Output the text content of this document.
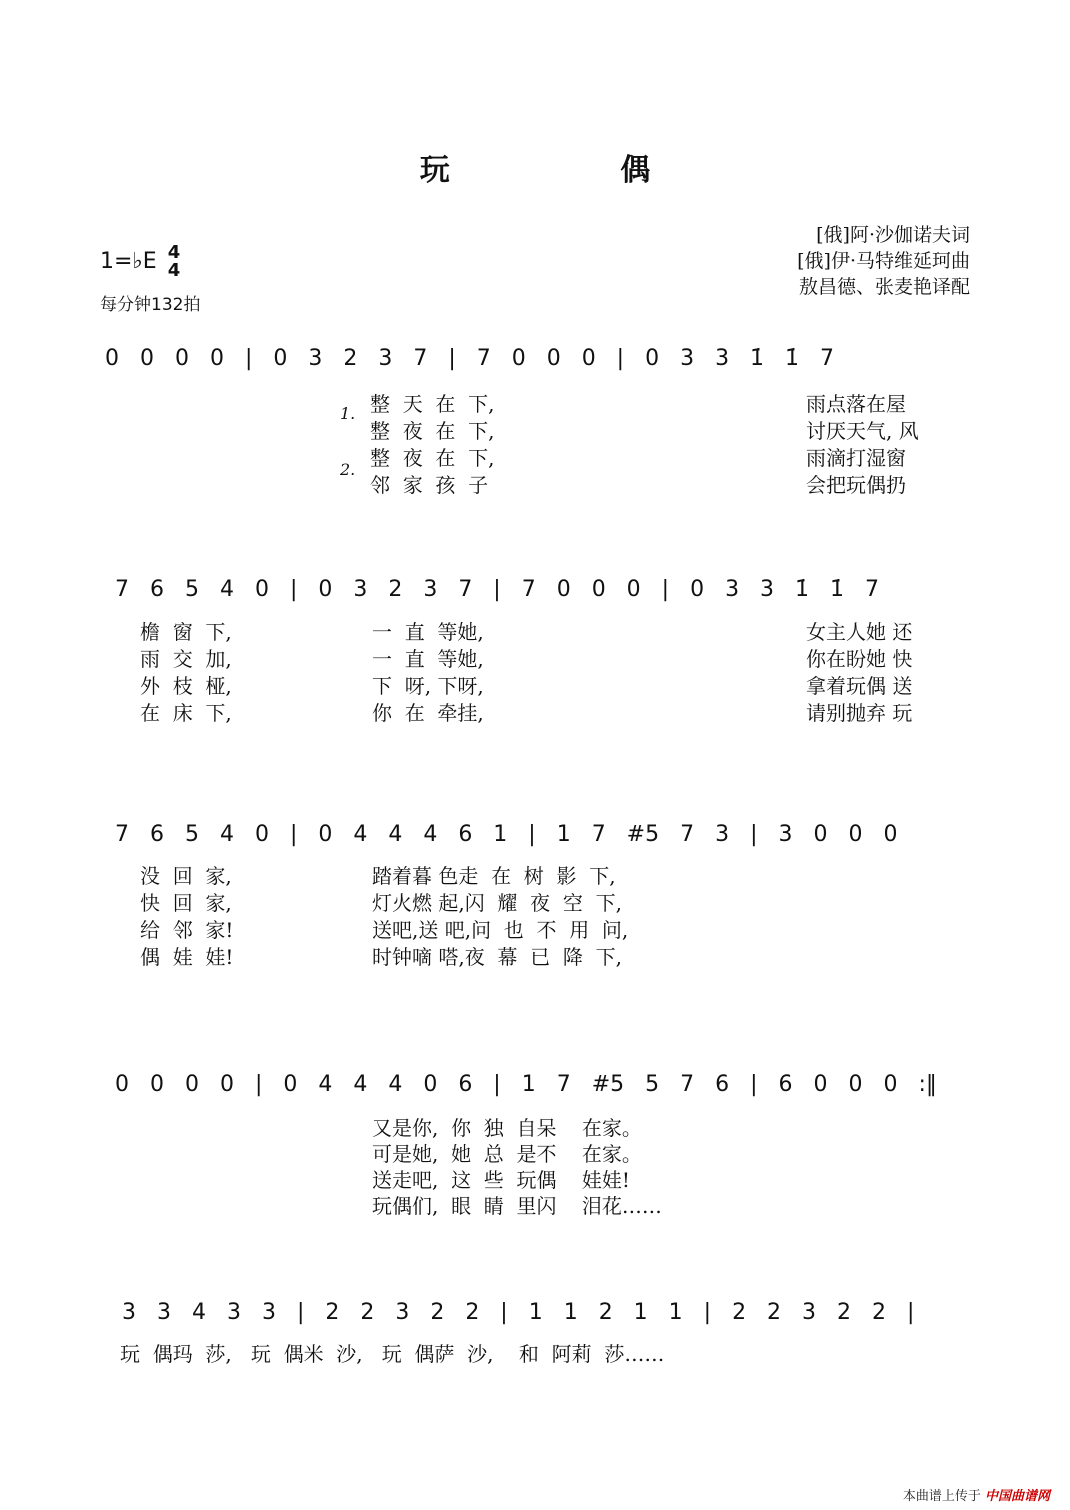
玩 偶
[俄]阿·沙伽诺夫词
[俄]伊·马特维延珂曲
敖昌德、张麦艳译配
1=♭E 4
4
每分钟132拍
0 0 0 0 | 0 3 2 3 7 | 7 0 0 0 | 0 3 3 1̇ 1̇ 7
1.
2.
整  天  在  下,
整  夜  在  下,
整  夜  在  下,
邻  家  孩  子
雨点落在屋
讨厌天气, 风
雨滴打湿窗
会把玩偶扔
7 6 5 4 0 | 0 3 2 3 7 | 7 0 0 0 | 0 3 3 1̇ 1̇ 7
檐  窗  下,
雨  交  加,
外  枝  桠,
在  床  下,
一  直  等她,
一  直  等她,
下  呀, 下呀,
你  在  牵挂,
女主人她 还
你在盼她 快
拿着玩偶 送
请别抛弃 玩
7 6 5 4 0 | 0 4 4 4 6 1 | 1 7 #5 7 3 | 3 0 0 0
没  回  家,
快  回  家,
给  邻  家!
偶  娃  娃!
踏着暮 色走  在  树  影  下,
灯火燃 起,闪  耀  夜  空  下,
送吧,送 吧,问  也  不  用  问,
时钟嘀 嗒,夜  幕  已  降  下,
0 0 0 0 | 0 4 4 4 0 6 | 1 7 #5 5 7 6 | 6 0 0 0 :‖
又是你,  你  独  自呆    在家。
可是她,  她  总  是不    在家。
送走吧,  这  些  玩偶    娃娃!
玩偶们,  眼  睛  里闪    泪花……
3 3 4 3 3 | 2 2 3 2 2 | 1 1 2 1 1 | 2 2 3 2 2 |
玩  偶玛  莎,   玩  偶米  沙,   玩  偶萨  沙,    和  阿莉  莎……
本曲谱上传于 中国曲谱网
